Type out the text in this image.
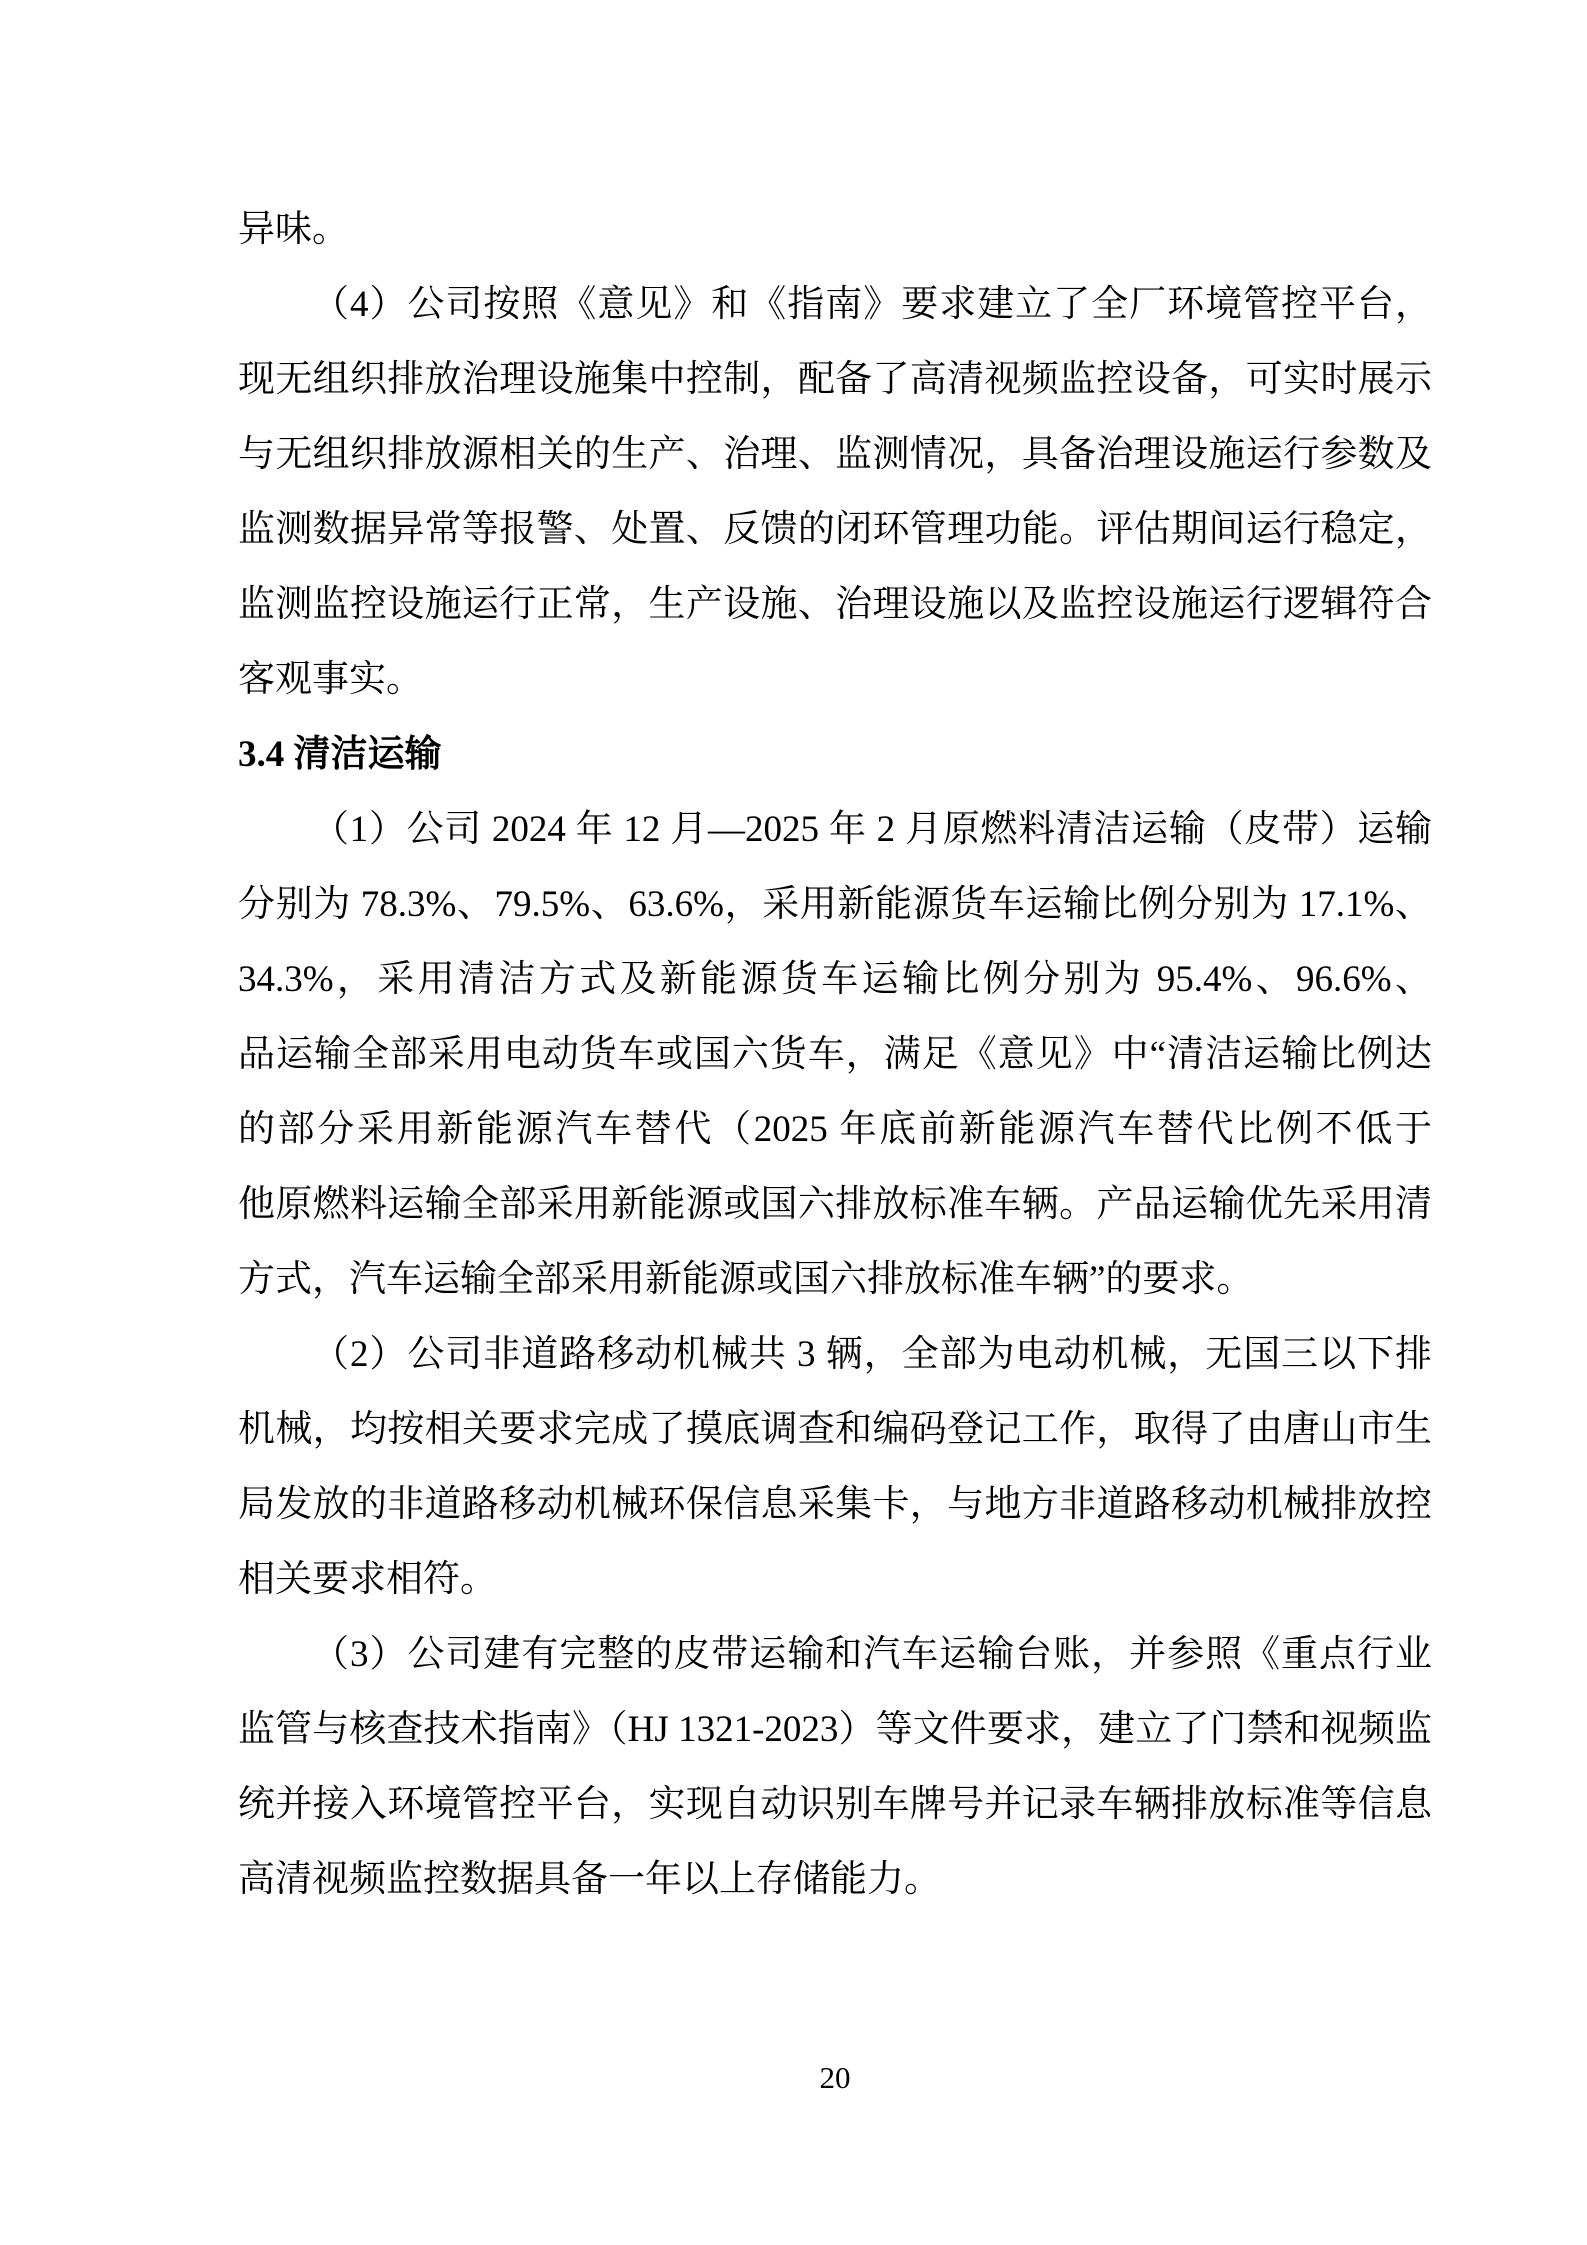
异味。
（4）公司按照《意见》和《指南》要求建立了全厂环境管控平台，
现无组织排放治理设施集中控制，配备了高清视频监控设备，可实时展示
与无组织排放源相关的生产、治理、监测情况，具备治理设施运行参数及
监测数据异常等报警、处置、反馈的闭环管理功能。评估期间运行稳定，
监测监控设施运行正常，生产设施、治理设施以及监控设施运行逻辑符合
客观事实。
3.4 清洁运输
（1）公司 2024 年 12 月—2025 年 2 月原燃料清洁运输（皮带）运输
分别为 78.3%、79.5%、63.6%，采用新能源货车运输比例分别为 17.1%、
34.3%，采用清洁方式及新能源货车运输比例分别为 95.4%、96.6%、
品运输全部采用电动货车或国六货车，满足《意见》中“清洁运输比例达
的部分采用新能源汽车替代（2025 年底前新能源汽车替代比例不低于
他原燃料运输全部采用新能源或国六排放标准车辆。产品运输优先采用清
方式，汽车运输全部采用新能源或国六排放标准车辆”的要求。
（2）公司非道路移动机械共 3 辆，全部为电动机械，无国三以下排
机械，均按相关要求完成了摸底调查和编码登记工作，取得了由唐山市生
局发放的非道路移动机械环保信息采集卡，与地方非道路移动机械排放控
相关要求相符。
（3）公司建有完整的皮带运输和汽车运输台账，并参照《重点行业
监管与核查技术指南》（HJ 1321-2023）等文件要求，建立了门禁和视频监
统并接入环境管控平台，实现自动识别车牌号并记录车辆排放标准等信息
高清视频监控数据具备一年以上存储能力。
20
